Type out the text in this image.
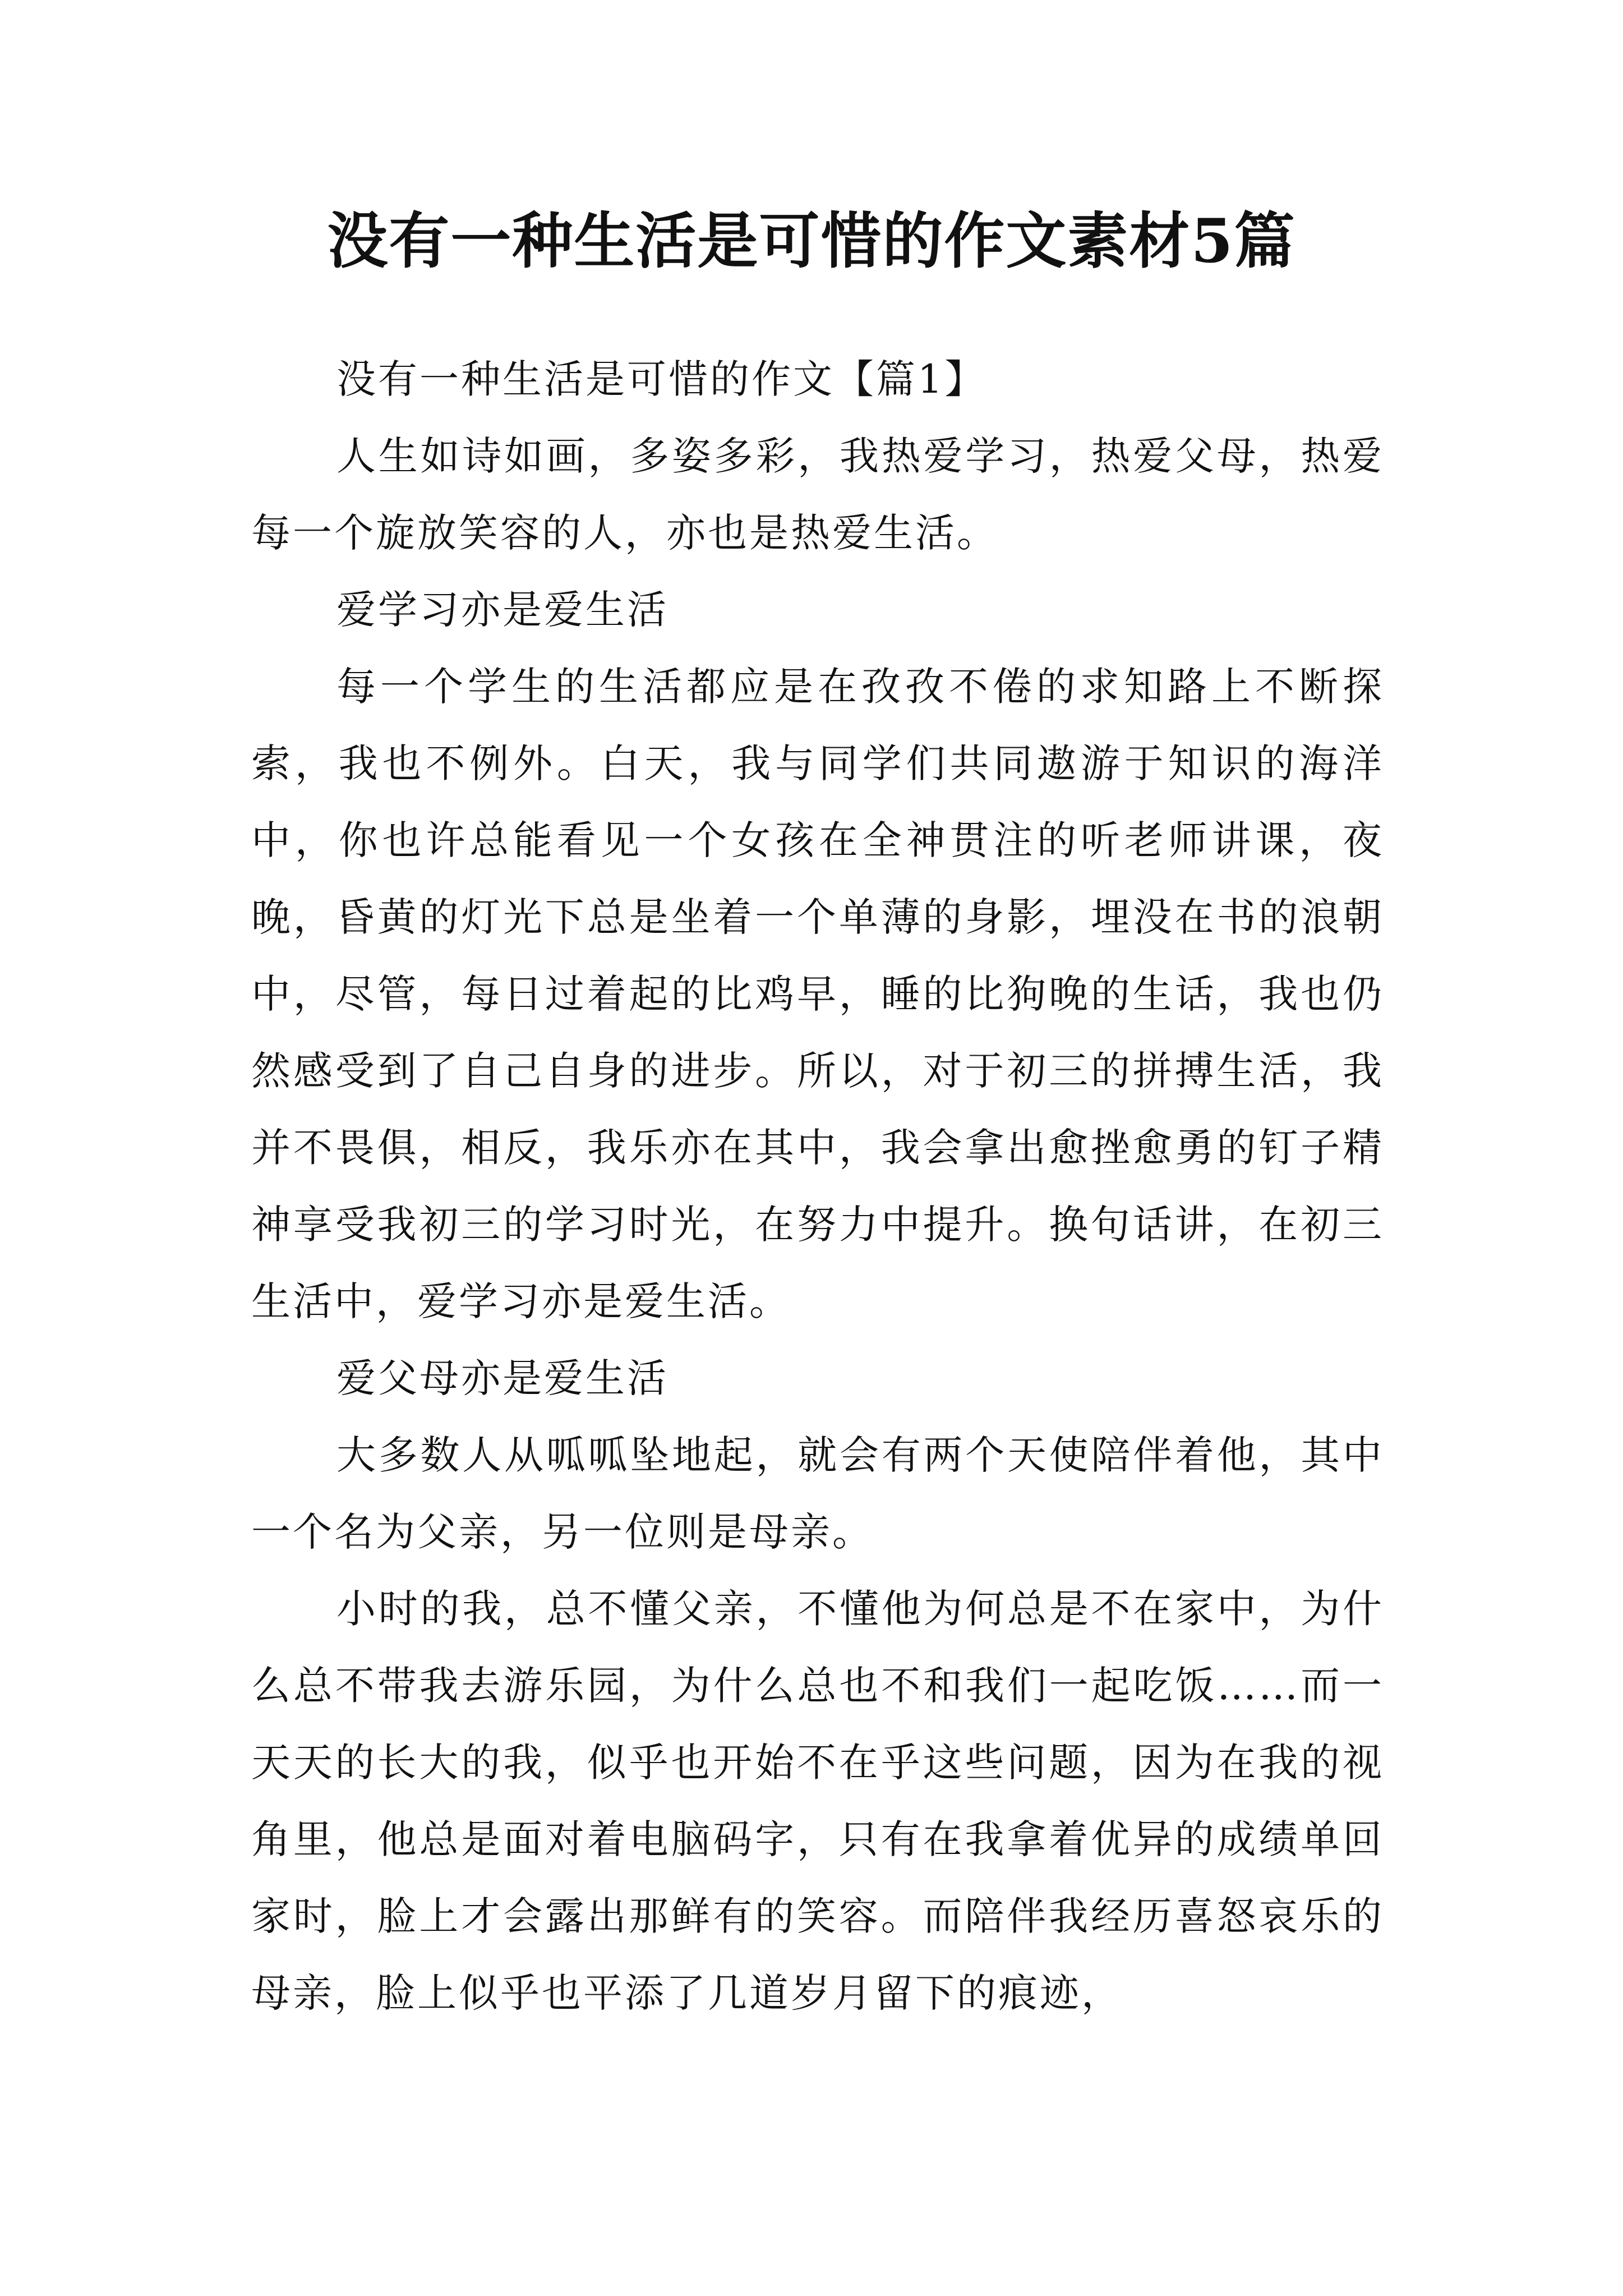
没有一种生活是可惜的作文素材5篇

没有一种生活是可惜的作文【篇1】

人生如诗如画，多姿多彩，我热爱学习，热爱父母，热爱每一个旋放笑容的人，亦也是热爱生活。

爱学习亦是爱生活

每一个学生的生活都应是在孜孜不倦的求知路上不断探索，我也不例外。白天，我与同学们共同遨游于知识的海洋中，你也许总能看见一个女孩在全神贯注的听老师讲课，夜晚，昏黄的灯光下总是坐着一个单薄的身影，埋没在书的浪朝中，尽管，每日过着起的比鸡早，睡的比狗晚的生话，我也仍然感受到了自己自身的进步。所以，对于初三的拼搏生活，我并不畏俱，相反，我乐亦在其中，我会拿出愈挫愈勇的钉子精神享受我初三的学习时光，在努力中提升。换句话讲，在初三生活中，爱学习亦是爱生活。

爱父母亦是爱生活

大多数人从呱呱坠地起，就会有两个天使陪伴着他，其中一个名为父亲，另一位则是母亲。

小时的我，总不懂父亲，不懂他为何总是不在家中，为什么总不带我去游乐园，为什么总也不和我们一起吃饭……而一天天的长大的我，似乎也开始不在乎这些问题，因为在我的视角里，他总是面对着电脑码字，只有在我拿着优异的成绩单回家时，脸上才会露出那鲜有的笑容。而陪伴我经历喜怒哀乐的母亲，脸上似乎也平添了几道岁月留下的痕迹，
